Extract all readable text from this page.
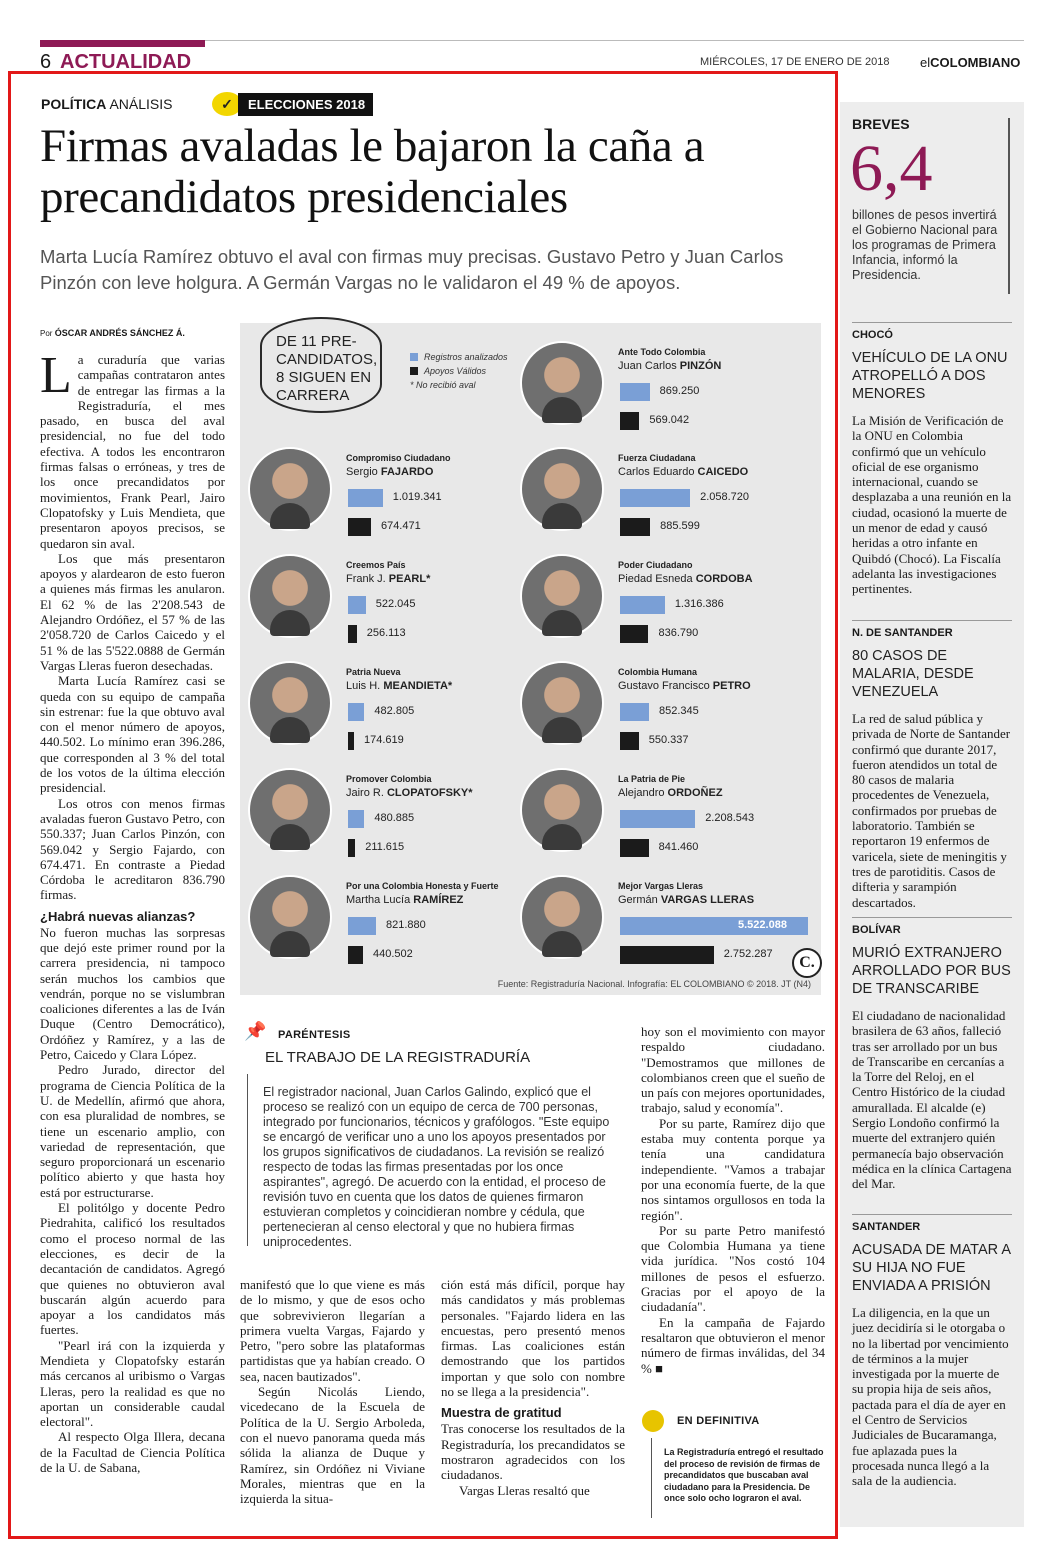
6 ACTUALIDAD	MIÉRCOLES, 17 DE ENERO DE 2018 elCOLOMBIANO
POLÍTICA ANÁLISIS	✓	ELECCIONES 2018
Firmas avaladas le bajaron la caña a precandidatos presidenciales
Marta Lucía Ramírez obtuvo el aval con firmas muy precisas. Gustavo Petro y Juan Carlos Pinzón con leve holgura. A Germán Vargas no le validaron el 49 % de apoyos.
Por ÓSCAR ANDRÉS SÁNCHEZ Á.

La curaduría que varias campañas contrataron antes de entregar las firmas a la Registraduría, el mes pasado, en busca del aval presidencial, no fue del todo efectiva. A todos les encontraron firmas falsas o erróneas, y tres de los once precandidatos por movimientos, Frank Pearl, Jairo Clopatofsky y Luis Mendieta, que presentaron apoyos precisos, se quedaron sin aval.

Los que más presentaron apoyos y alardearon de esto fueron a quienes más firmas les anularon. El 62 % de las 2'208.543 de Alejandro Ordóñez, el 57 % de las 2'058.720 de Carlos Caicedo y el 51 % de las 5'522.0888 de Germán Vargas Lleras fueron desechadas.

Marta Lucía Ramírez casi se queda con su equipo de campaña sin estrenar: fue la que obtuvo aval con el menor número de apoyos, 440.502. Lo mínimo eran 396.286, que corresponden al 3 % del total de los votos de la última elección presidencial.

Los otros con menos firmas avaladas fueron Gustavo Petro, con 550.337; Juan Carlos Pinzón, con 569.042 y Sergio Fajardo, con 674.471. En contraste a Piedad Córdoba le acreditaron 836.790 firmas.

¿Habrá nuevas alianzas?

No fueron muchas las sorpresas que dejó este primer round por la carrera presidencia, ni tampoco serán muchos los cambios que vendrán, porque no se vislumbran coaliciones diferentes a las de Iván Duque (Centro Democrático), Ordóñez y Ramírez, y a las de Petro, Caicedo y Clara López.

Pedro Jurado, director del programa de Ciencia Política de la U. de Medellín, afirmó que ahora, con esa pluralidad de nombres, se tiene un escenario amplio, con variedad de representación, que seguro proporcionará un escenario político abierto y que hasta hoy está por estructurarse.

El politólgo y docente Pedro Piedrahita, calificó los resultados como el proceso normal de las elecciones, es decir de la decantación de candidatos. Agregó que quienes no obtuvieron aval buscarán algún acuerdo para apoyar a los candidatos más fuertes.

"Pearl irá con la izquierda y Mendieta y Clopatofsky estarán más cercanos al uribismo o Vargas Lleras, pero la realidad es que no aportan un considerable caudal electoral".

Al respecto Olga Illera, decana de la Facultad de Ciencia Política de la U. de Sabana,

manifestó que lo que viene es más de lo mismo, y que de esos ocho que sobrevivieron llegarían a primera vuelta Vargas, Fajardo y Petro, "pero sobre las plataformas partidistas que ya habían creado. O sea, nacen bautizados".

Según Nicolás Liendo, vicedecano de la Escuela de Política de la U. Sergio Arboleda, con el nuevo panorama queda más sólida la alianza de Duque y Ramírez, sin Ordóñez ni Viviane Morales, mientras que en la izquierda la situa-

ción está más difícil, porque hay más candidatos y más problemas personales. "Fajardo lidera en las encuestas, pero presentó menos firmas. Las coaliciones están demostrando que los partidos importan y que solo con nombre no se llega a la presidencia".

Muestra de gratitud

Tras conocerse los resultados de la Registraduría, los precandidatos se mostraron agradecidos con los ciudadanos.

Vargas Lleras resaltó que

hoy son el movimiento con mayor respaldo ciudadano. "Demostramos que millones de colombianos creen que el sueño de un país con mejores oportunidades, trabajo, salud y economía".

Por su parte, Ramírez dijo que estaba muy contenta porque ya tenía una candidatura independiente. "Vamos a trabajar por una economía fuerte, de la que nos sintamos orgullosos en toda la región".

Por su parte Petro manifestó que Colombia Humana ya tiene vida jurídica. "Nos costó 104 millones de pesos el esfuerzo. Gracias por el apoyo de la ciudadanía".

En la campaña de Fajardo resaltaron que obtuvieron el menor número de firmas inválidas, del 34 % ■

DE 11 PRE-CANDIDATOS, 8 SIGUEN EN CARRERA
Registros analizados
Apoyos Válidos
* No recibió aval
Compromiso Ciudadano
Sergio FAJARDO
1.019.341
674.471
Creemos País
Frank J. PEARL*
522.045
256.113
Patria Nueva
Luis H. MEANDIETA*
482.805
174.619
Promover Colombia
Jairo R. CLOPATOFSKY*
480.885
211.615
Por una Colombia Honesta y Fuerte
Martha Lucía RAMÍREZ
821.880
440.502
Ante Todo Colombia
Juan Carlos PINZÓN
869.250
569.042
Fuerza Ciudadana
Carlos Eduardo CAICEDO
2.058.720
885.599
Poder Ciudadano
Piedad Esneda CORDOBA
1.316.386
836.790
Colombia Humana
Gustavo Francisco PETRO
852.345
550.337
La Patria de Pie
Alejandro ORDOÑEZ
2.208.543
841.460
Mejor Vargas Lleras
Germán VARGAS LLERAS
5.522.088
2.752.287	C.
Fuente: Registraduría Nacional. Infografía: EL COLOMBIANO © 2018. JT (N4)
📌 PARÉNTESIS
EL TRABAJO DE LA REGISTRADURÍA
El registrador nacional, Juan Carlos Galindo, explicó que el proceso se realizó con un equipo de cerca de 700 personas, integrado por funcionarios, técnicos y grafólogos. "Este equipo se encargó de verificar uno a uno los apoyos presentados por los grupos significativos de ciudadanos. La revisión se realizó respecto de todas las firmas presentadas por los once aspirantes", agregó. De acuerdo con la entidad, el proceso de revisión tuvo en cuenta que los datos de quienes firmaron estuvieran completos y coincidieran nombre y cédula, que pertenecieran al censo electoral y que no hubiera firmas uniprocedentes.
EN DEFINITIVA
La Registraduría entregó el resultado del proceso de revisión de firmas de precandidatos que buscaban aval ciudadano para la Presidencia. De once solo ocho lograron el aval.
BREVES
6,4
billones de pesos invertirá el Gobierno Nacional para los programas de Primera Infancia, informó la Presidencia.
CHOCÓ
VEHÍCULO DE LA ONU ATROPELLÓ A DOS MENORES
La Misión de Verificación de la ONU en Colombia confirmó que un vehículo oficial de ese organismo internacional, cuando se desplazaba a una reunión en la ciudad, ocasionó la muerte de un menor de edad y causó heridas a otro infante en Quibdó (Chocó). La Fiscalía adelanta las investigaciones pertinentes.
N. DE SANTANDER
80 CASOS DE MALARIA, DESDE VENEZUELA
La red de salud pública y privada de Norte de Santander confirmó que durante 2017, fueron atendidos un total de 80 casos de malaria procedentes de Venezuela, confirmados por pruebas de laboratorio. También se reportaron 19 enfermos de varicela, siete de meningitis y tres de parotiditis. Casos de difteria y sarampión descartados.
BOLÍVAR
MURIÓ EXTRANJERO ARROLLADO POR BUS DE TRANSCARIBE
El ciudadano de nacionalidad brasilera de 63 años, falleció tras ser arrollado por un bus de Transcaribe en cercanías a la Torre del Reloj, en el Centro Histórico de la ciudad amurallada. El alcalde (e) Sergio Londoño confirmó la muerte del extranjero quién permanecía bajo observación médica en la clínica Cartagena del Mar.
SANTANDER
ACUSADA DE MATAR A SU HIJA NO FUE ENVIADA A PRISIÓN
La diligencia, en la que un juez decidiría si le otorgaba o no la libertad por vencimiento de términos a la mujer investigada por la muerte de su propia hija de seis años, pactada para el día de ayer en el Centro de Servicios Judiciales de Bucaramanga, fue aplazada pues la procesada nunca llegó a la sala de la audiencia.
